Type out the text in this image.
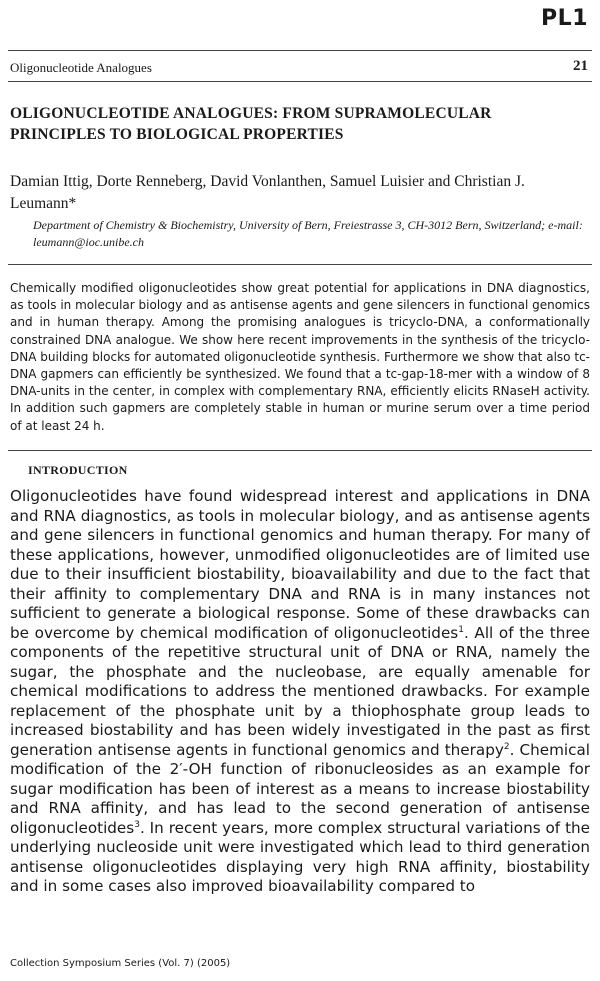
PL1
Oligonucleotide Analogues	21
OLIGONUCLEOTIDE ANALOGUES: FROM SUPRAMOLECULAR PRINCIPLES TO BIOLOGICAL PROPERTIES
Damian Ittig, Dorte Renneberg, David Vonlanthen, Samuel Luisier and Christian J. Leumann*
Department of Chemistry & Biochemistry, University of Bern, Freiestrasse 3, CH-3012 Bern, Switzerland; e-mail: leumann@ioc.unibe.ch
Chemically modified oligonucleotides show great potential for applications in DNA diagnostics, as tools in molecular biology and as antisense agents and gene silencers in functional genomics and in human therapy. Among the promising analogues is tricyclo-DNA, a conformationally constrained DNA analogue. We show here recent improvements in the synthesis of the tricyclo-DNA building blocks for automated oligonucleotide synthesis. Furthermore we show that also tc-DNA gapmers can efficiently be synthesized. We found that a tc-gap-18-mer with a window of 8 DNA-units in the center, in complex with complementary RNA, efficiently elicits RNaseH activity. In addition such gapmers are completely stable in human or murine serum over a time period of at least 24 h.
INTRODUCTION
Oligonucleotides have found widespread interest and applications in DNA and RNA diagnostics, as tools in molecular biology, and as antisense agents and gene silencers in functional genomics and human therapy. For many of these applications, however, unmodified oligonucleotides are of limited use due to their insufficient biostability, bioavailability and due to the fact that their affinity to complementary DNA and RNA is in many instances not sufficient to generate a biological response. Some of these drawbacks can be overcome by chemical modification of oligonucleotides$^1$. All of the three components of the repetitive structural unit of DNA or RNA, namely the sugar, the phosphate and the nucleobase, are equally amenable for chemical modifications to address the mentioned drawbacks. For example replacement of the phosphate unit by a thiophosphate group leads to increased biostability and has been widely investigated in the past as first generation antisense agents in functional genomics and therapy$^2$. Chemical modification of the 2′-OH function of ribonucleosides as an example for sugar modification has been of interest as a means to increase biostability and RNA affinity, and has lead to the second generation of antisense oligonucleotides$^3$. In recent years, more complex structural variations of the underlying nucleoside unit were investigated which lead to third generation antisense oligonucleotides displaying very high RNA affinity, biostability and in some cases also improved bioavailability compared to
Collection Symposium Series (Vol. 7) (2005)
